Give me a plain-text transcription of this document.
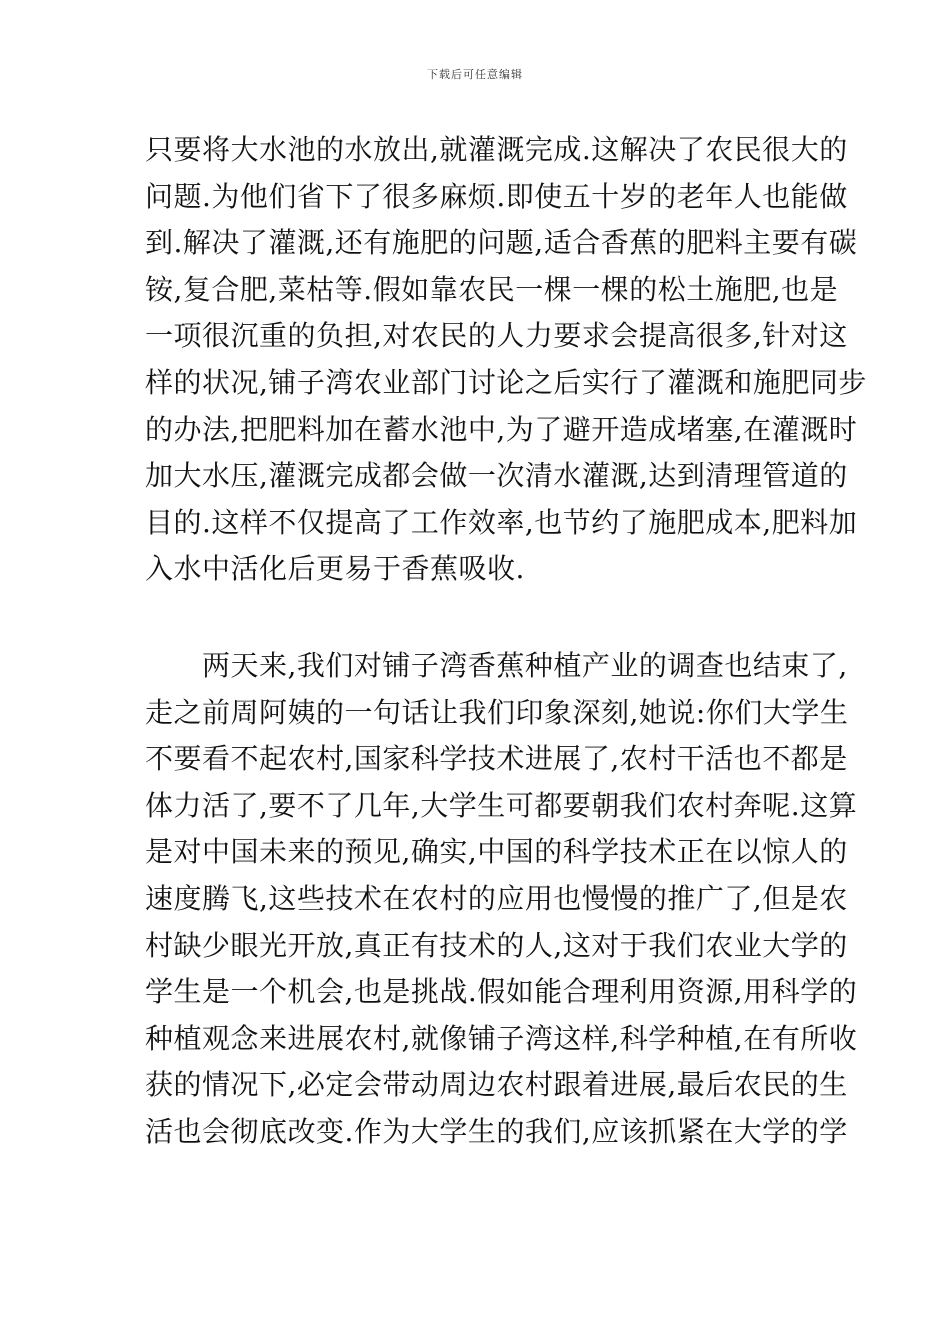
下载后可任意编辑
只要将大水池的水放出,就灌溉完成.这解决了农民很大的
问题.为他们省下了很多麻烦.即使五十岁的老年人也能做
到.解决了灌溉,还有施肥的问题,适合香蕉的肥料主要有碳
铵,复合肥,菜枯等.假如靠农民一棵一棵的松土施肥,也是
一项很沉重的负担,对农民的人力要求会提高很多,针对这
样的状况,铺子湾农业部门讨论之后实行了灌溉和施肥同步
的办法,把肥料加在蓄水池中,为了避开造成堵塞,在灌溉时
加大水压,灌溉完成都会做一次清水灌溉,达到清理管道的
目的.这样不仅提高了工作效率,也节约了施肥成本,肥料加
入水中活化后更易于香蕉吸收.
　　两天来,我们对铺子湾香蕉种植产业的调查也结束了,
走之前周阿姨的一句话让我们印象深刻,她说:你们大学生
不要看不起农村,国家科学技术进展了,农村干活也不都是
体力活了,要不了几年,大学生可都要朝我们农村奔呢.这算
是对中国未来的预见,确实,中国的科学技术正在以惊人的
速度腾飞,这些技术在农村的应用也慢慢的推广了,但是农
村缺少眼光开放,真正有技术的人,这对于我们农业大学的
学生是一个机会,也是挑战.假如能合理利用资源,用科学的
种植观念来进展农村,就像铺子湾这样,科学种植,在有所收
获的情况下,必定会带动周边农村跟着进展,最后农民的生
活也会彻底改变.作为大学生的我们,应该抓紧在大学的学
